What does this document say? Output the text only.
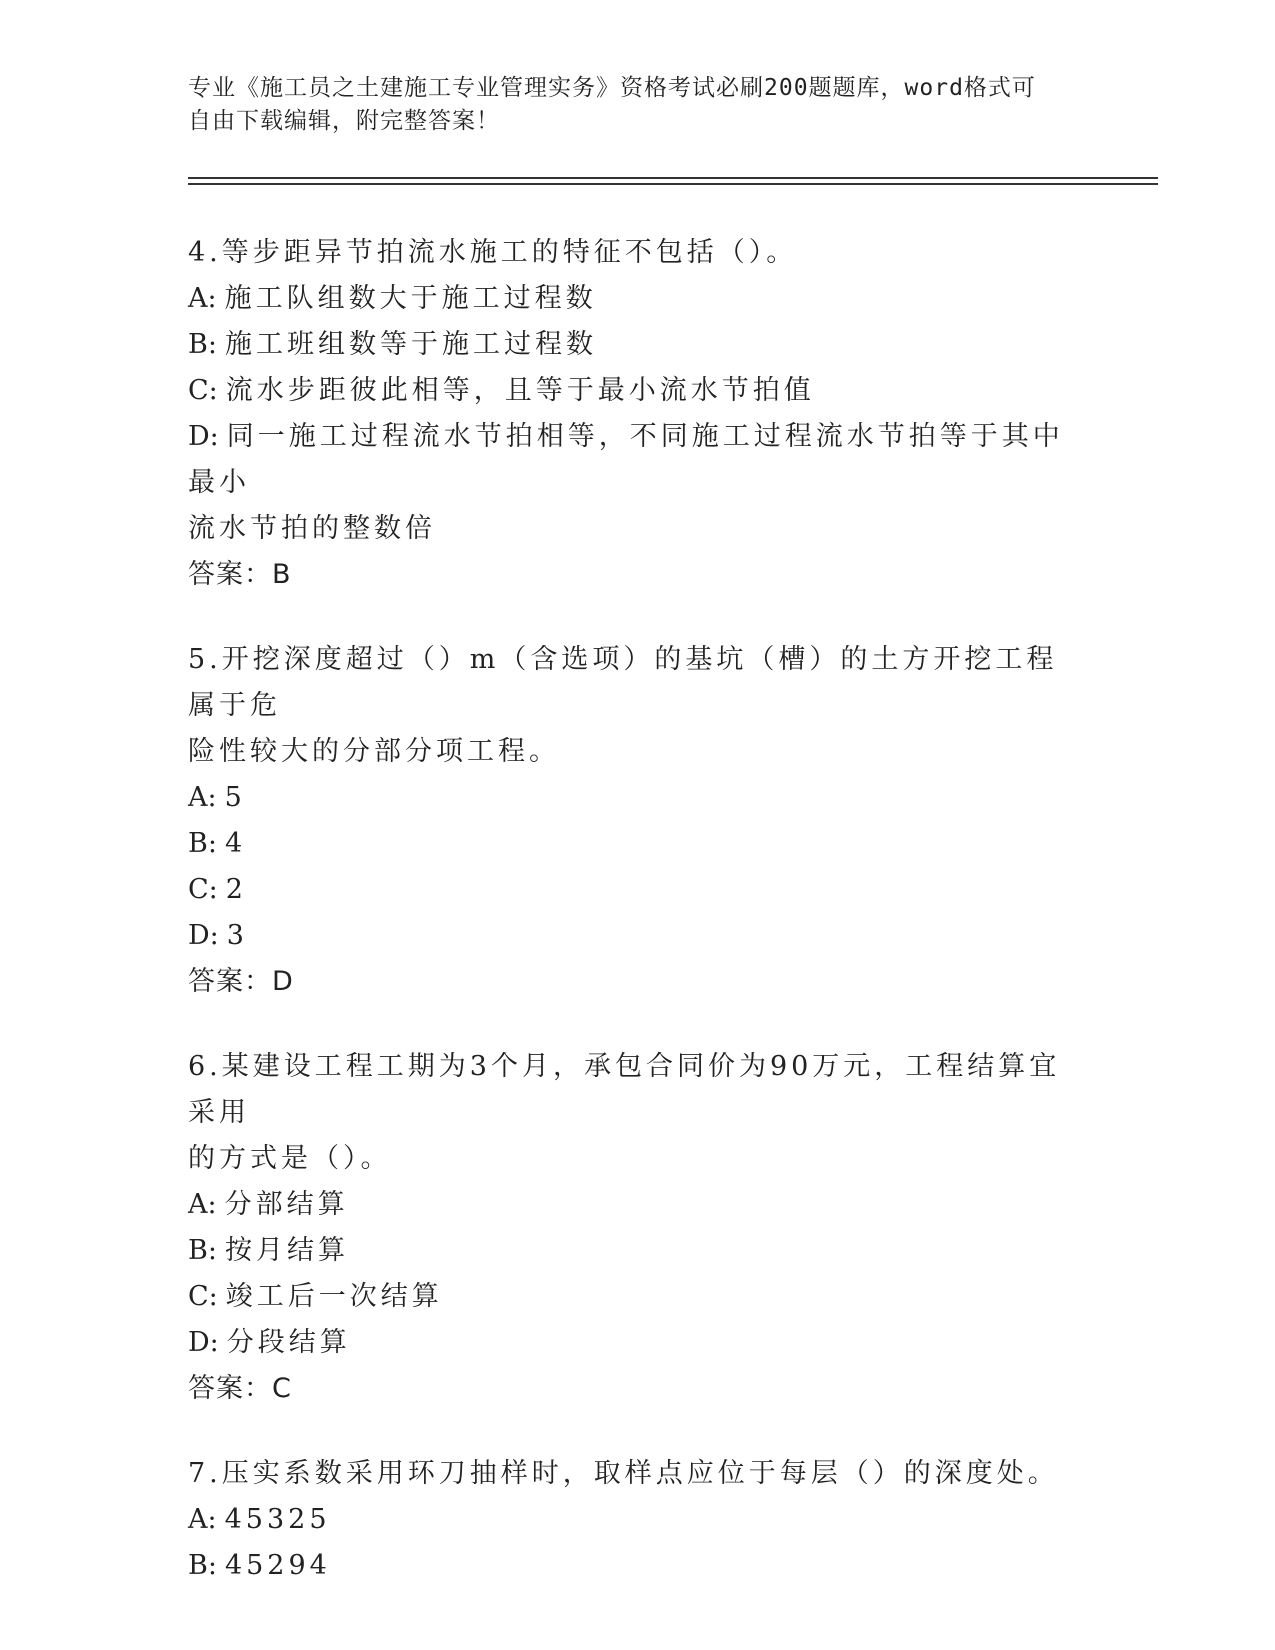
专业《施工员之土建施工专业管理实务》资格考试必刷200题题库，word格式可
自由下载编辑，附完整答案！

4.等步距异节拍流水施工的特征不包括（）。

A: 施工队组数大于施工过程数

B: 施工班组数等于施工过程数

C: 流水步距彼此相等，且等于最小流水节拍值

D: 同一施工过程流水节拍相等，不同施工过程流水节拍等于其中最小

流水节拍的整数倍

答案：B

5.开挖深度超过（）m（含选项）的基坑（槽）的土方开挖工程属于危

险性较大的分部分项工程。

A: 5

B: 4

C: 2

D: 3

答案：D

6.某建设工程工期为3个月，承包合同价为90万元，工程结算宜采用

的方式是（）。

A: 分部结算

B: 按月结算

C: 竣工后一次结算

D: 分段结算

答案：C

7.压实系数采用环刀抽样时，取样点应位于每层（）的深度处。

A: 45325

B: 45294
